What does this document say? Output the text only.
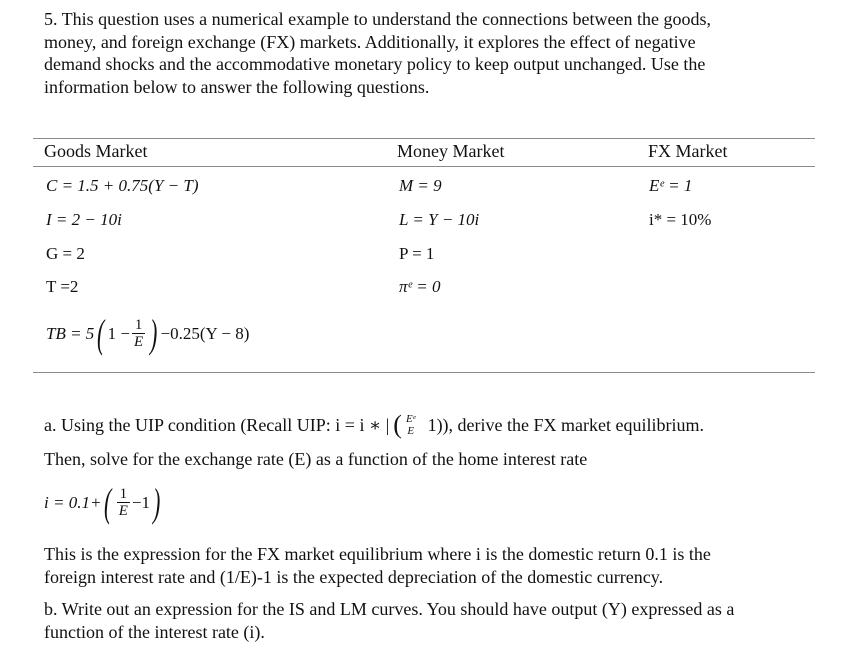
5. This question uses a numerical example to understand the connections between the goods,
money, and foreign exchange (FX) markets. Additionally, it explores the effect of negative
demand shocks and the accommodative monetary policy to keep output unchanged. Use the
information below to answer the following questions.
Goods Market	Money Market	FX Market
C = 1.5 + 0.75(Y − T)
I = 2 − 10i
G = 2
T =2
TB = 5 ( $1 - \frac{1}{E}$ ) −0.25(Y − 8)
M = 9
L = Y − 10i
P = 1
πᵉ = 0
Eᵉ = 1
i* = 10%
a. Using the UIP condition (Recall UIP: i = i ∗ | ( Eᵉ
E 1)), derive the FX market equilibrium.
Then, solve for the exchange rate (E) as a function of the home interest rate
i = 0.1+ ( $\frac{1}{E} -1$ )
This is the expression for the FX market equilibrium where i is the domestic return 0.1 is the
foreign interest rate and (1/E)-1 is the expected depreciation of the domestic currency.
b. Write out an expression for the IS and LM curves. You should have output (Y) expressed as a
function of the interest rate (i).
